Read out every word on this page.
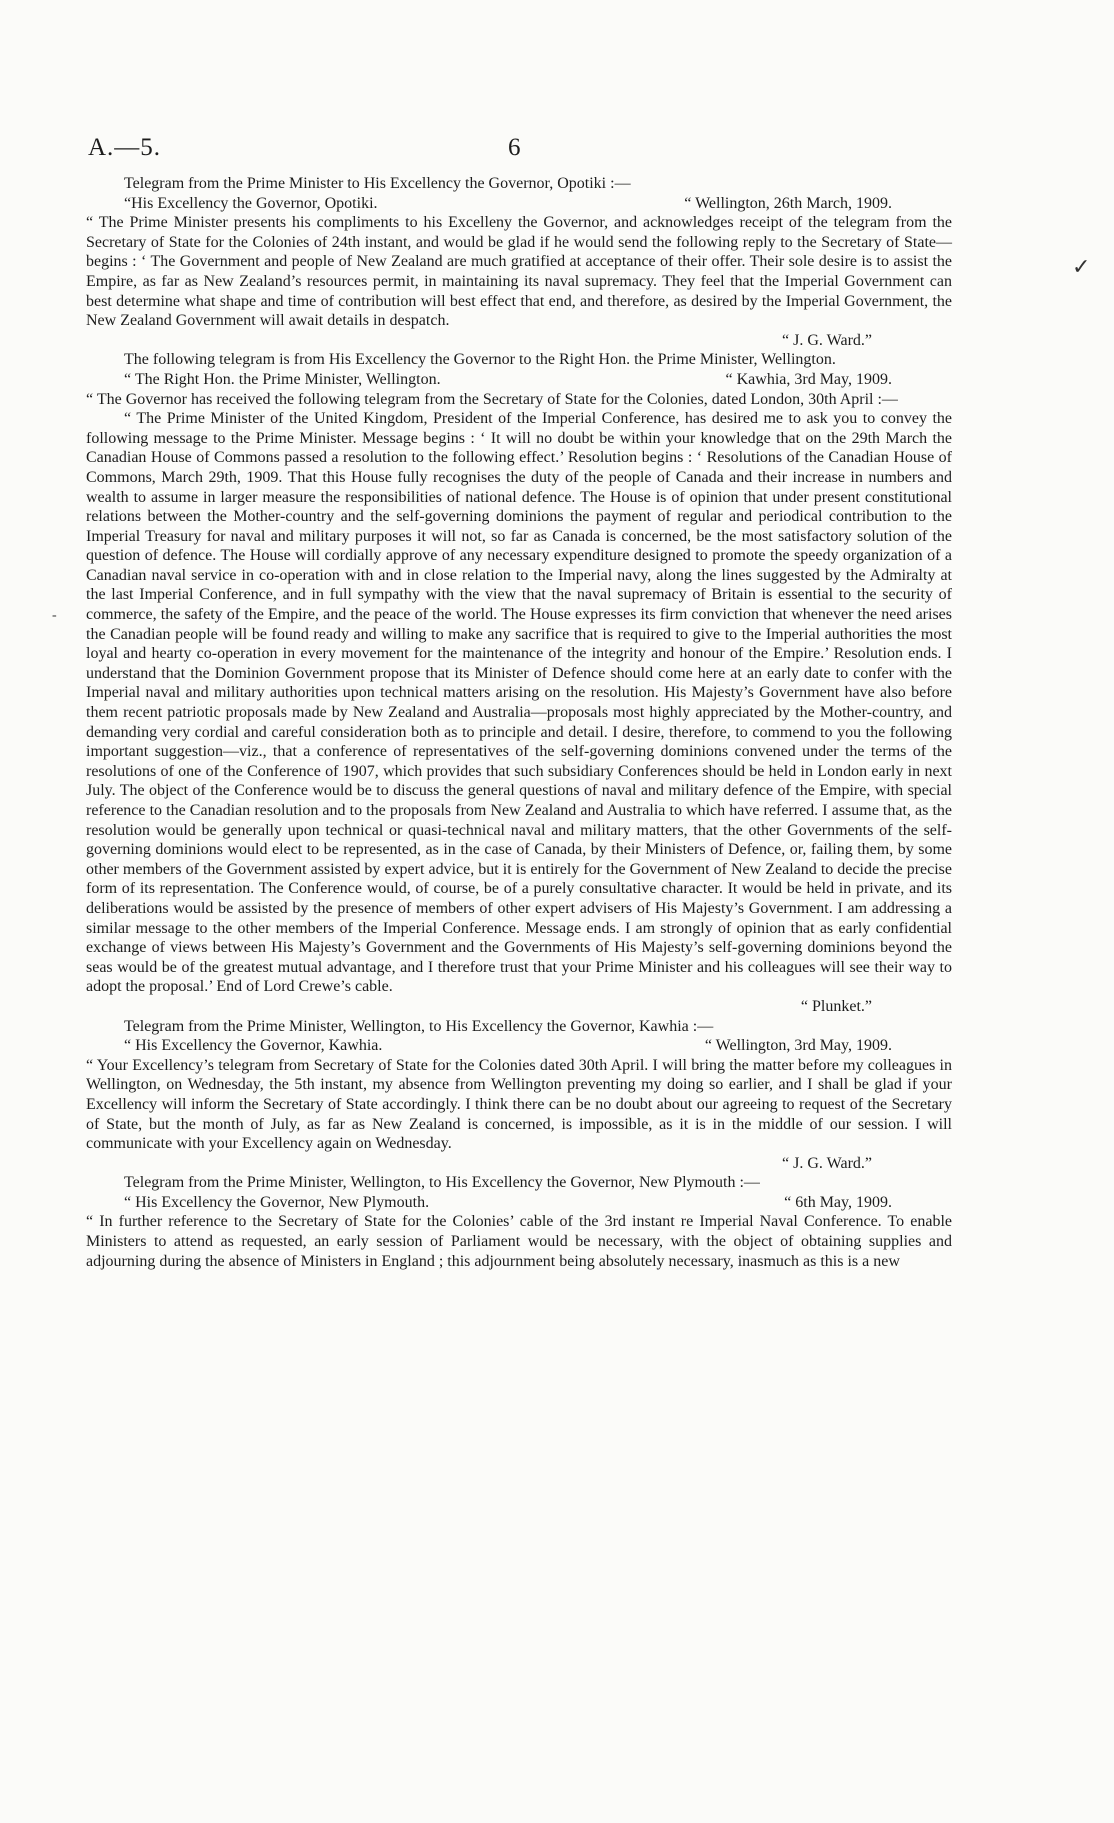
A.—5.	6
✓
-

Telegram from the Prime Minister to His Excellency the Governor, Opotiki :—

“His Excellency the Governor, Opotiki.	“ Wellington, 26th March, 1909.

“ The Prime Minister presents his compliments to his Excelleny the Governor, and acknowledges receipt of the telegram from the Secretary of State for the Colonies of 24th instant, and would be glad if he would send the following reply to the Secretary of State—begins : ‘ The Government and people of New Zealand are much gratified at acceptance of their offer. Their sole desire is to assist the Empire, as far as New Zealand’s resources permit, in maintaining its naval supremacy. They feel that the Imperial Government can best determine what shape and time of contribution will best effect that end, and therefore, as desired by the Imperial Government, the New Zealand Government will await details in despatch.

“ J. G. Ward.”

The following telegram is from His Excellency the Governor to the Right Hon. the Prime Minister, Wellington.

“ The Right Hon. the Prime Minister, Wellington.	“ Kawhia, 3rd May, 1909.

“ The Governor has received the following telegram from the Secretary of State for the Colonies, dated London, 30th April :—

“ The Prime Minister of the United Kingdom, President of the Imperial Conference, has desired me to ask you to convey the following message to the Prime Minister. Message begins : ‘ It will no doubt be within your knowledge that on the 29th March the Canadian House of Commons passed a resolution to the following effect.’ Resolution begins : ‘ Resolutions of the Canadian House of Commons, March 29th, 1909. That this House fully recognises the duty of the people of Canada and their increase in numbers and wealth to assume in larger measure the responsibilities of national defence. The House is of opinion that under present constitutional relations between the Mother-country and the self-governing dominions the payment of regular and periodical contribution to the Imperial Treasury for naval and military purposes it will not, so far as Canada is concerned, be the most satisfactory solution of the question of defence. The House will cordially approve of any necessary expenditure designed to promote the speedy organization of a Canadian naval service in co-operation with and in close relation to the Imperial navy, along the lines suggested by the Admiralty at the last Imperial Conference, and in full sympathy with the view that the naval supremacy of Britain is essential to the security of commerce, the safety of the Empire, and the peace of the world. The House expresses its firm conviction that whenever the need arises the Canadian people will be found ready and willing to make any sacrifice that is required to give to the Imperial authorities the most loyal and hearty co-operation in every movement for the maintenance of the integrity and honour of the Empire.’ Resolution ends. I understand that the Dominion Government propose that its Minister of Defence should come here at an early date to confer with the Imperial naval and military authorities upon technical matters arising on the resolution. His Majesty’s Government have also before them recent patriotic proposals made by New Zealand and Australia—proposals most highly appreciated by the Mother-country, and demanding very cordial and careful consideration both as to principle and detail. I desire, therefore, to commend to you the following important suggestion—viz., that a conference of representatives of the self-governing dominions convened under the terms of the resolutions of one of the Conference of 1907, which provides that such subsidiary Conferences should be held in London early in next July. The object of the Conference would be to discuss the general questions of naval and military defence of the Empire, with special reference to the Canadian resolution and to the proposals from New Zealand and Australia to which have referred. I assume that, as the resolution would be generally upon technical or quasi-technical naval and military matters, that the other Governments of the self-governing dominions would elect to be represented, as in the case of Canada, by their Ministers of Defence, or, failing them, by some other members of the Government assisted by expert advice, but it is entirely for the Government of New Zealand to decide the precise form of its representation. The Conference would, of course, be of a purely consultative character. It would be held in private, and its deliberations would be assisted by the presence of members of other expert advisers of His Majesty’s Government. I am addressing a similar message to the other members of the Imperial Conference. Message ends. I am strongly of opinion that as early confidential exchange of views between His Majesty’s Government and the Governments of His Majesty’s self-governing dominions beyond the seas would be of the greatest mutual advantage, and I therefore trust that your Prime Minister and his colleagues will see their way to adopt the proposal.’ End of Lord Crewe’s cable.

“ Plunket.”

Telegram from the Prime Minister, Wellington, to His Excellency the Governor, Kawhia :—

“ His Excellency the Governor, Kawhia.	“ Wellington, 3rd May, 1909.

“ Your Excellency’s telegram from Secretary of State for the Colonies dated 30th April. I will bring the matter before my colleagues in Wellington, on Wednesday, the 5th instant, my absence from Wellington preventing my doing so earlier, and I shall be glad if your Excellency will inform the Secretary of State accordingly. I think there can be no doubt about our agreeing to request of the Secretary of State, but the month of July, as far as New Zealand is concerned, is impossible, as it is in the middle of our session. I will communicate with your Excellency again on Wednesday.

“ J. G. Ward.”

Telegram from the Prime Minister, Wellington, to His Excellency the Governor, New Plymouth :—

“ His Excellency the Governor, New Plymouth.	“ 6th May, 1909.

“ In further reference to the Secretary of State for the Colonies’ cable of the 3rd instant re Imperial Naval Conference. To enable Ministers to attend as requested, an early session of Parliament would be necessary, with the object of obtaining supplies and adjourning during the absence of Ministers in England ; this adjournment being absolutely necessary, inasmuch as this is a new
